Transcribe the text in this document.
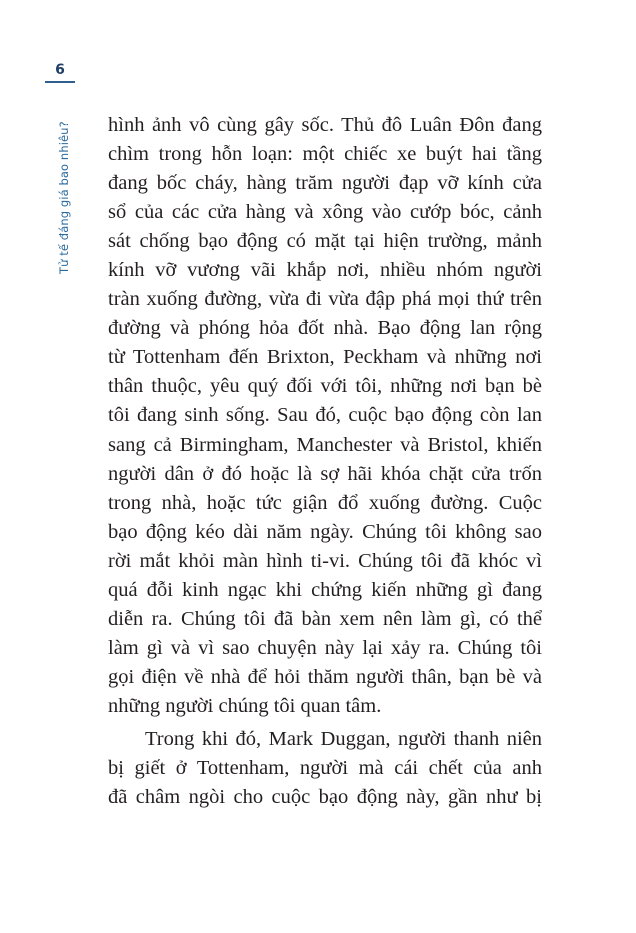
6
Tử tế đáng giá bao nhiêu? hình ảnh vô cùng gây sốc. Thủ đô Luân Đôn đang
chìm trong hỗn loạn: một chiếc xe buýt hai tầng
đang bốc cháy, hàng trăm người đạp vỡ kính cửa
sổ của các cửa hàng và xông vào cướp bóc, cảnh
sát chống bạo động có mặt tại hiện trường, mảnh
kính vỡ vương vãi khắp nơi, nhiều nhóm người
tràn xuống đường, vừa đi vừa đập phá mọi thứ trên
đường và phóng hỏa đốt nhà. Bạo động lan rộng
từ Tottenham đến Brixton, Peckham và những nơi
thân thuộc, yêu quý đối với tôi, những nơi bạn bè
tôi đang sinh sống. Sau đó, cuộc bạo động còn lan
sang cả Birmingham, Manchester và Bristol, khiến
người dân ở đó hoặc là sợ hãi khóa chặt cửa trốn
trong nhà, hoặc tức giận đổ xuống đường. Cuộc
bạo động kéo dài năm ngày. Chúng tôi không sao
rời mắt khỏi màn hình ti-vi. Chúng tôi đã khóc vì
quá đỗi kinh ngạc khi chứng kiến những gì đang
diễn ra. Chúng tôi đã bàn xem nên làm gì, có thể
làm gì và vì sao chuyện này lại xảy ra. Chúng tôi
gọi điện về nhà để hỏi thăm người thân, bạn bè và
những người chúng tôi quan tâm.
Trong khi đó, Mark Duggan, người thanh niên
bị giết ở Tottenham, người mà cái chết của anh
đã châm ngòi cho cuộc bạo động này, gần như bị
